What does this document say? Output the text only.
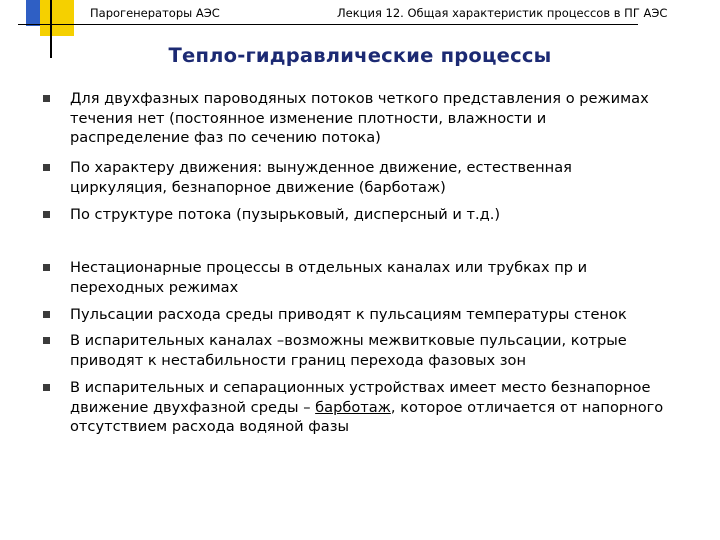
Парогенераторы АЭС	Лекция 12. Общая характеристик процессов в ПГ АЭС
Тепло-гидравлические процессы
Для двухфазных пароводяных потоков четкого представления о режимах течения нет (постоянное изменение плотности, влажности и распределение фаз по сечению потока)
По характеру движения: вынужденное движение, естественная циркуляция, безнапорное движение (барботаж)
По структуре потока (пузырьковый, дисперсный и т.д.)
Нестационарные процессы в отдельных каналах или трубках пр и переходных режимах
Пульсации расхода среды приводят к пульсациям температуры стенок
В испарительных каналах –возможны межвитковые пульсации, котрые приводят к нестабильности границ перехода фазовых зон
В испарительных и сепарационных устройствах имеет место безнапорное движение двухфазной среды – барботаж, которое отличается от напорного отсутствием расхода водяной фазы
